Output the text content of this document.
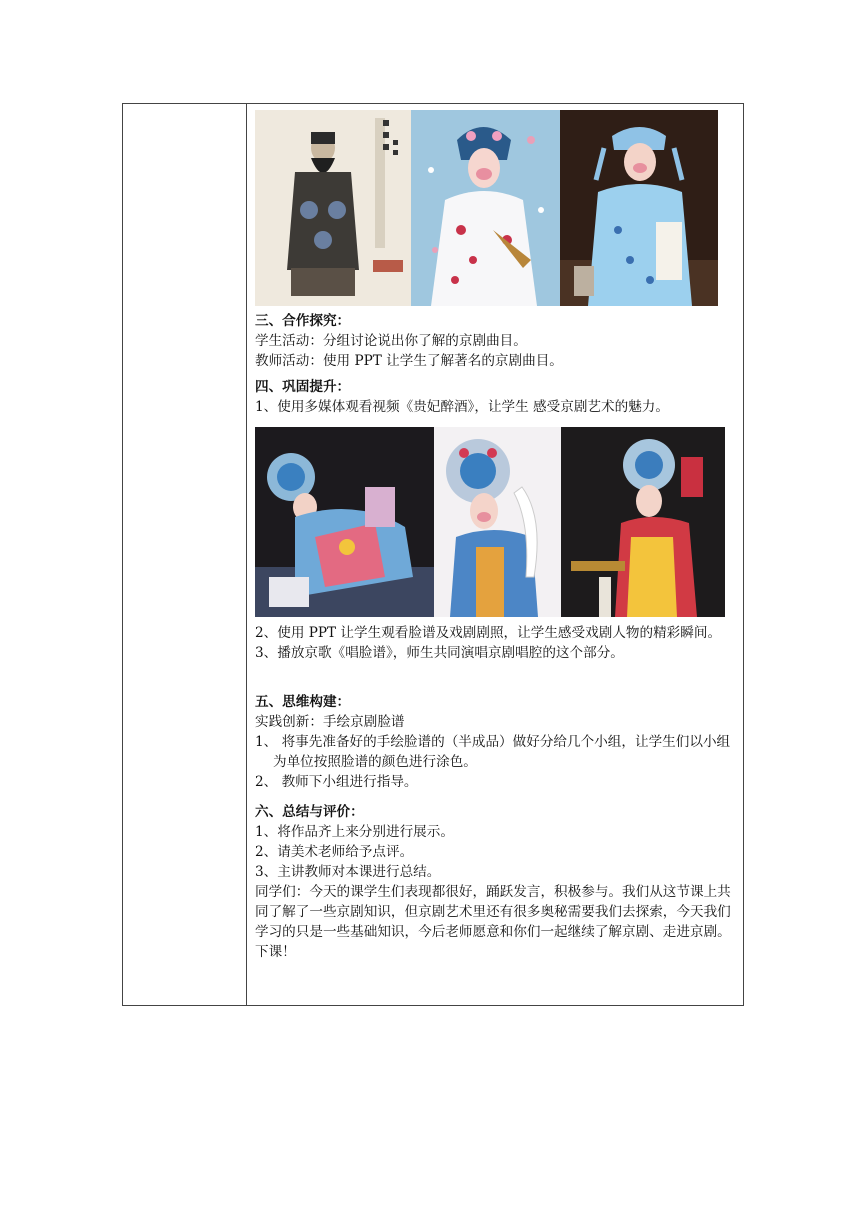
三、合作探究：

学生活动：分组讨论说出你了解的京剧曲目。

教师活动：使用 PPT 让学生了解著名的京剧曲目。

四、巩固提升：

1、使用多媒体观看视频《贵妃醉酒》，让学生 感受京剧艺术的魅力。

2、使用 PPT 让学生观看脸谱及戏剧剧照，让学生感受戏剧人物的精彩瞬间。

3、播放京歌《唱脸谱》，师生共同演唱京剧唱腔的这个部分。

五、思维构建：

实践创新：手绘京剧脸谱

1、 将事先准备好的手绘脸谱的（半成品）做好分给几个小组，让学生们以小组为单位按照脸谱的颜色进行涂色。

2、 教师下小组进行指导。

六、总结与评价：

1、将作品齐上来分别进行展示。

2、请美术老师给予点评。

3、主讲教师对本课进行总结。

同学们：今天的课学生们表现都很好，踊跃发言，积极参与。我们从这节课上共同了解了一些京剧知识，但京剧艺术里还有很多奥秘需要我们去探索，今天我们学习的只是一些基础知识，今后老师愿意和你们一起继续了解京剧、走进京剧。下课！
